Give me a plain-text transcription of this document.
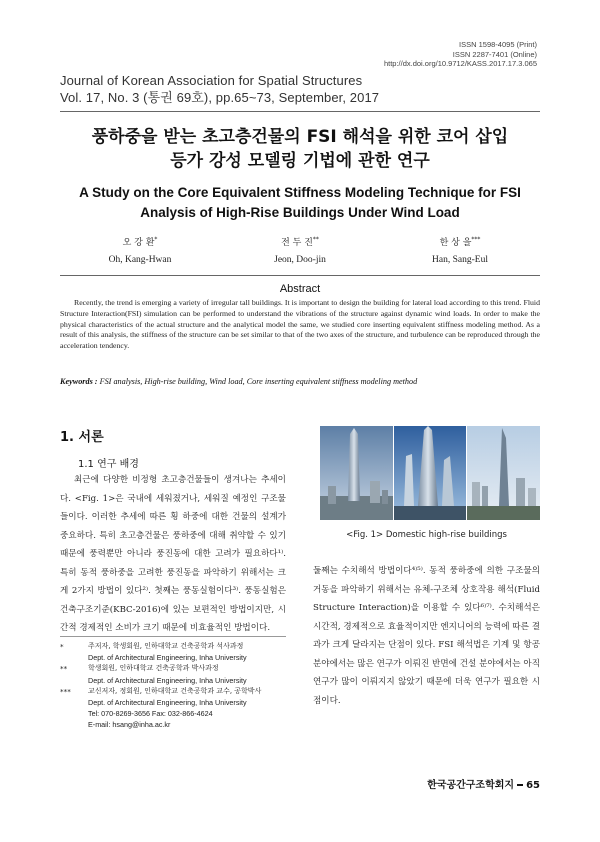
ISSN 1598-4095 (Print)
ISSN 2287-7401 (Online)
http://dx.doi.org/10.9712/KASS.2017.17.3.065
Journal of Korean Association for Spatial Structures
Vol. 17, No. 3 (통권 69호), pp.65~73, September, 2017
풍하중을 받는 초고층건물의 FSI 해석을 위한 코어 삽입
등가 강성 모델링 기법에 관한 연구
A Study on the Core Equivalent Stiffness Modeling Technique for FSI
Analysis of High-Rise Buildings Under Wind Load
오 강 환*
Oh, Kang-Hwan
전 두 진**
Jeon, Doo-jin
한 상 을***
Han, Sang-Eul
Abstract
Recently, the trend is emerging a variety of irregular tall buildings. It is important to design the building for lateral load according to this trend. Fluid Structure Interaction(FSI) simulation can be performed to understand the vibrations of the structure against dynamic wind loads. In order to make the physical characteristics of the actual structure and the analytical model the same, we studied core inserting equivalent stiffness modeling method. As a result of this analysis, the stiffness of the structure can be set similar to that of the two axes of the structure, and turbulence can be reproduced through the acceleration tendency.
Keywords : FSI analysis, High-rise building, Wind load, Core inserting equivalent stiffness modeling method
1. 서론
1.1 연구 배경
최근에 다양한 비정형 초고층건물들이 생겨나는 추세이다. <Fig. 1>은 국내에 세워졌거나, 세워질 예정인 구조물들이다. 이러한 추세에 따른 횡 하중에 대한 건물의 설계가 중요하다. 특히 초고층건물은 풍하중에 대해 취약할 수 있기 때문에 풍력뿐만 아니라 풍진동에 대한 고려가 필요하다¹⁾. 특히 동적 풍하중을 고려한 풍진동을 파악하기 위해서는 크게 2가지 방법이 있다²⁾. 첫째는 풍동실험이다³⁾. 풍동실험은 건축구조기준(KBC-2016)에 있는 보편적인 방법이지만, 시간적 경제적인 소비가 크기 때문에 비효율적인 방법이다.
<Fig. 1> Domestic high-rise buildings
둘째는 수치해석 방법이다⁴⁾⁵⁾. 동적 풍하중에 의한 구조물의 거동을 파악하기 위해서는 유체-구조체 상호작용 해석(Fluid Structure Interaction)을 이용할 수 있다⁶⁾⁷⁾. 수치해석은 시간적, 경제적으로 효율적이지만 엔지니어의 능력에 따른 결과가 크게 달라지는 단점이 있다. FSI 해석법은 기계 및 항공 분야에서는 많은 연구가 이뤄진 반면에 건설 분야에서는 아직 연구가 많이 이뤄지지 않았기 때문에 더욱 연구가 필요한 시점이다.
*	주저자, 학생회원, 인하대학교 건축공학과 석사과정
Dept. of Architectural Engineering, Inha University
**	학생회원, 인하대학교 건축공학과 박사과정
Dept. of Architectural Engineering, Inha University
*** 교신저자, 정회원, 인하대학교 건축공학과 교수, 공학박사
Dept. of Architectural Engineering, Inha University
Tel: 070-8269-3656 Fax: 032-866-4624
E-mail: hsang@inha.ac.kr
한국공간구조학회지 65
